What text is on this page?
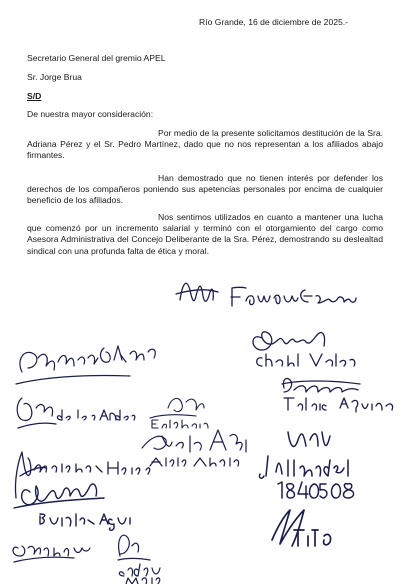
Río Grande, 16 de diciembre de 2025.-
Secretario General del gremio APEL
Sr. Jorge Brua
S/D
De nuestra mayor consideración:
Por medio de la presente solicitamos destitución de la Sra. Adriana Pérez y el Sr. Pedro Martínez, dado que no nos representan a los afiliados abajo firmantes.
Han demostrado que no tienen interés por defender los derechos de los compañeros poniendo sus apetencias personales por encima de cualquier beneficio de los afiliados.
Nos sentimos utilizados en cuanto a mantener una lucha que comenzó por un incremento salarial y terminó con el otorgamiento del cargo como Asesora Administrativa del Concejo Deliberante de la Sra. Pérez, demostrando su deslealtad sindical con una profunda falta de ética y moral.
